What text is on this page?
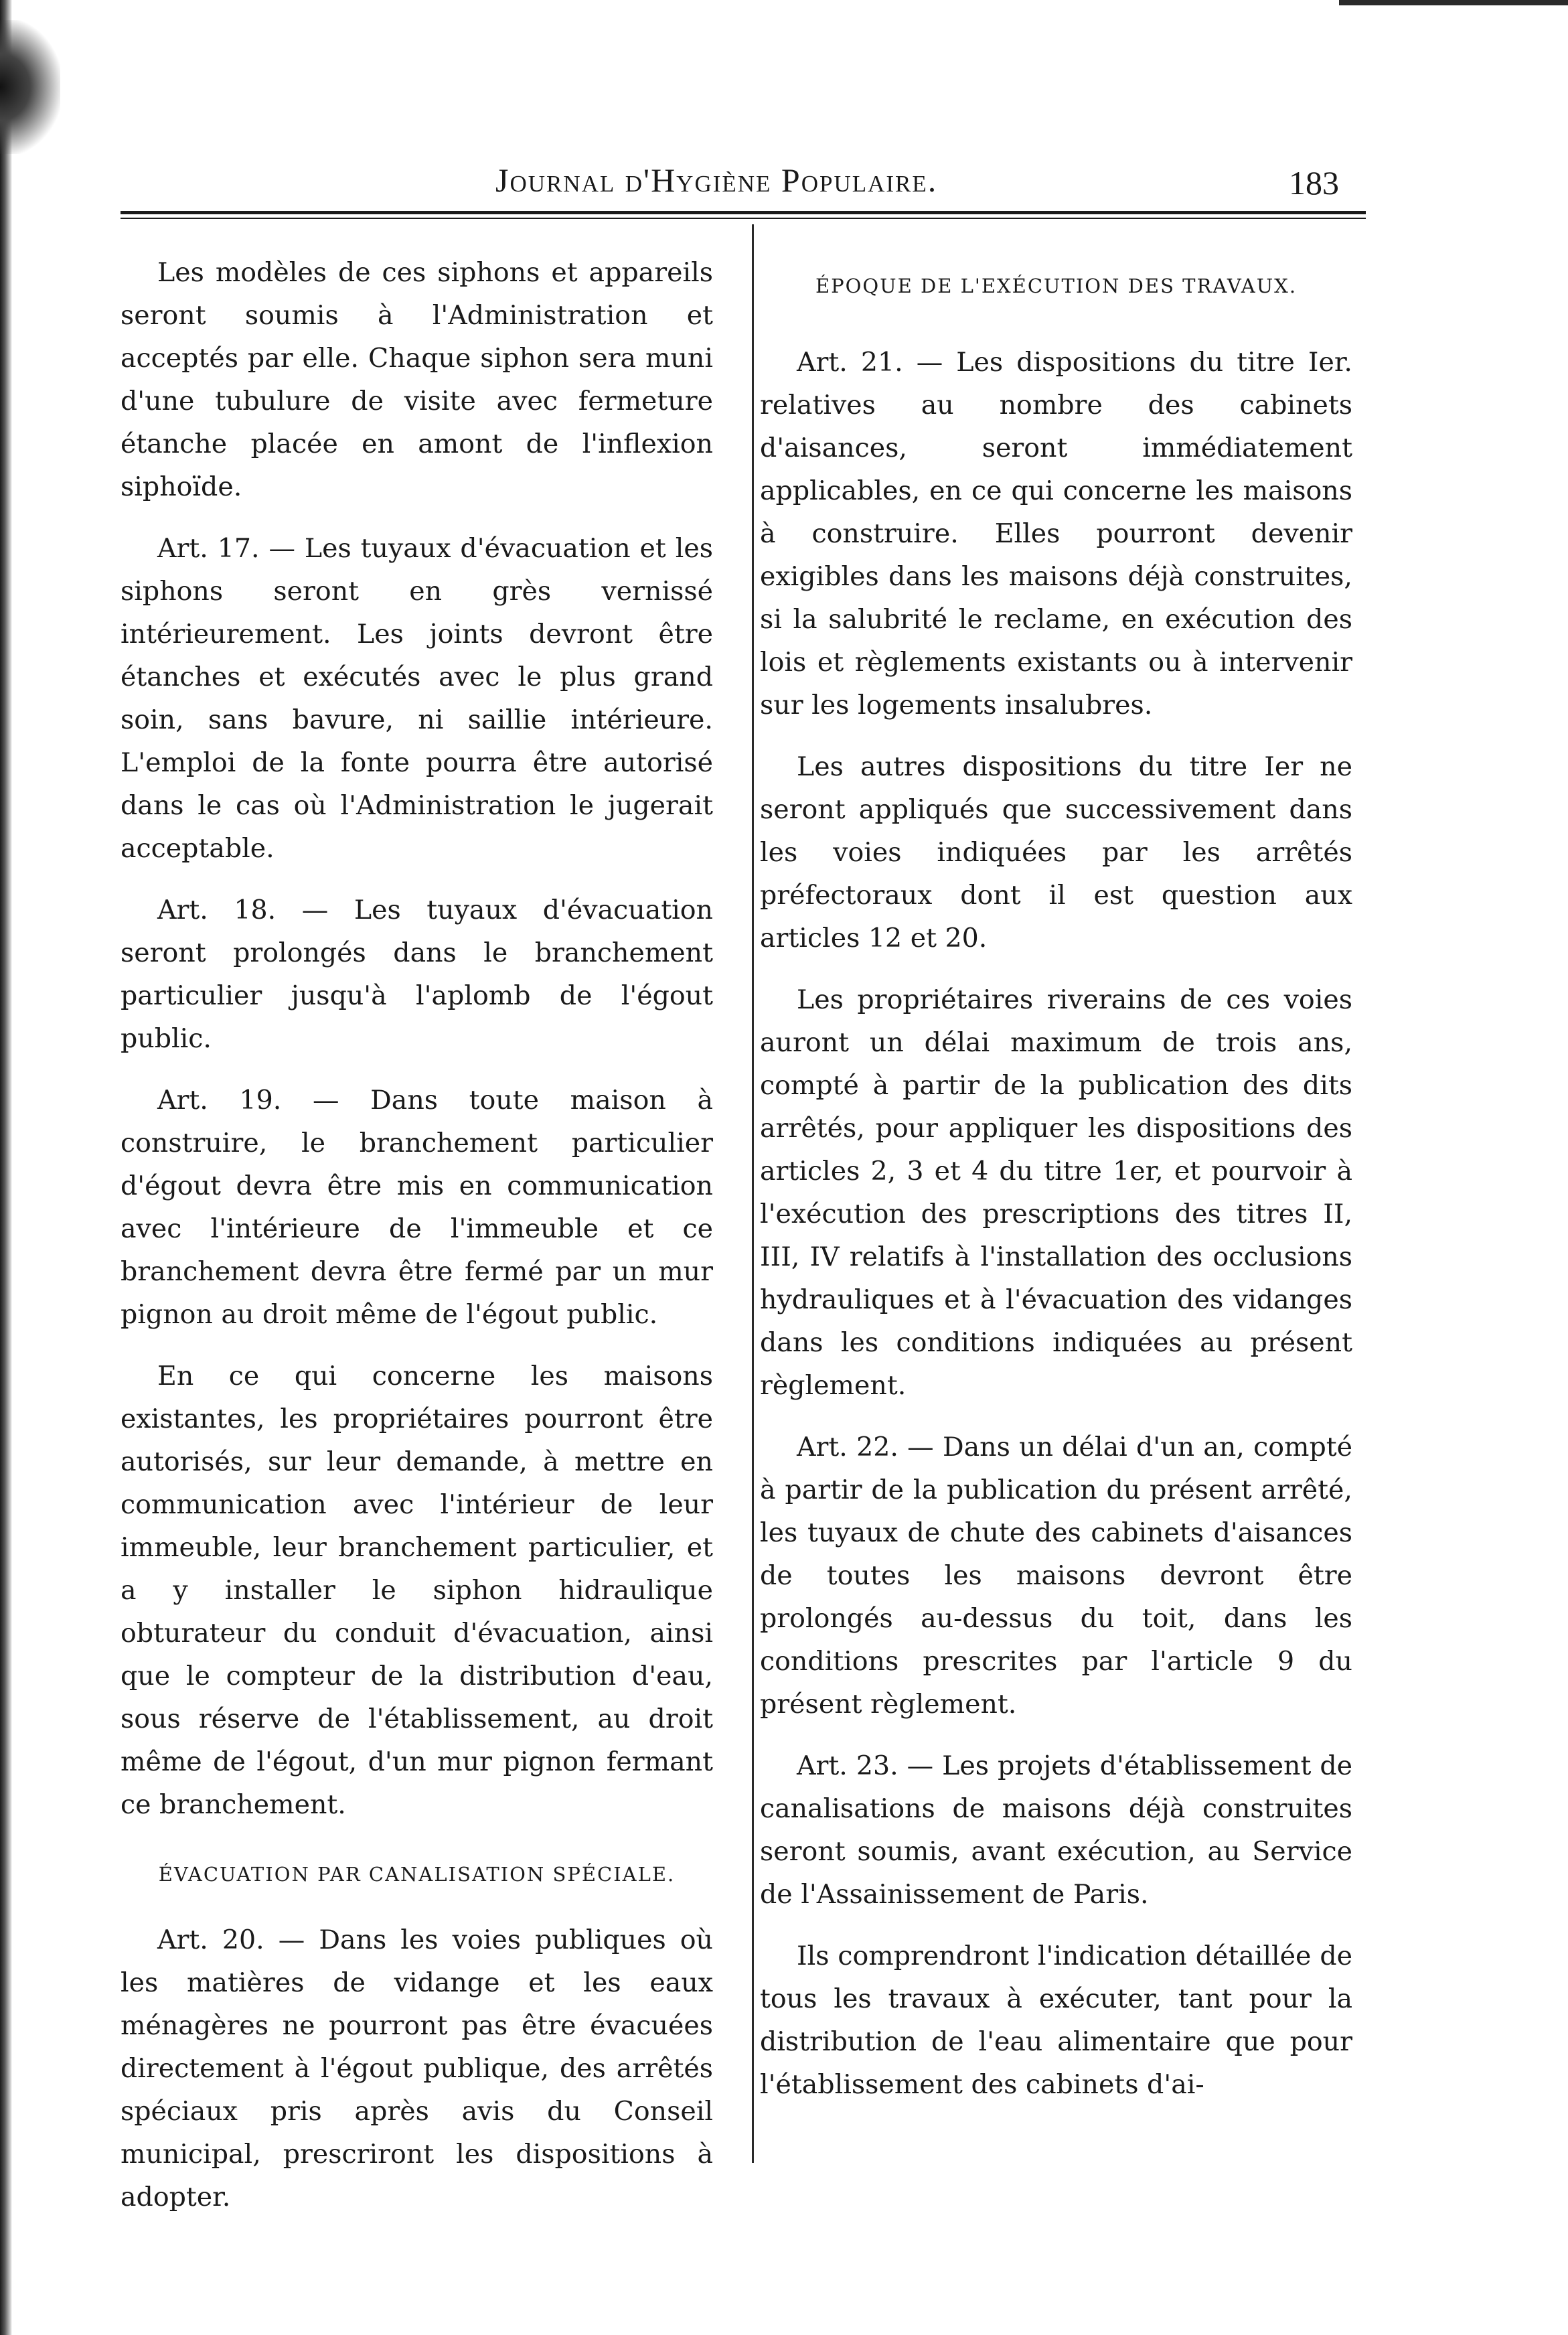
Journal d'Hygiène Populaire.	183

Les modèles de ces siphons et appareils seront soumis à l'Administration et acceptés par elle. Chaque siphon sera muni d'une tubulure de visite avec fermeture étanche placée en amont de l'inflexion siphoïde.

Art. 17. — Les tuyaux d'évacuation et les siphons seront en grès vernissé intérieurement. Les joints devront être étanches et exécutés avec le plus grand soin, sans bavure, ni saillie intérieure. L'emploi de la fonte pourra être autorisé dans le cas où l'Administration le jugerait acceptable.

Art. 18. — Les tuyaux d'évacuation seront prolongés dans le branchement particulier jusqu'à l'aplomb de l'égout public.

Art. 19. — Dans toute maison à construire, le branchement particulier d'égout devra être mis en communication avec l'intérieure de l'immeuble et ce branchement devra être fermé par un mur pignon au droit même de l'égout public.

En ce qui concerne les maisons existantes, les propriétaires pourront être autorisés, sur leur demande, à mettre en communication avec l'intérieur de leur immeuble, leur branchement particulier, et a y installer le siphon hidraulique obturateur du conduit d'évacuation, ainsi que le compteur de la distribution d'eau, sous réserve de l'établissement, au droit même de l'égout, d'un mur pignon fermant ce branchement.

ÉVACUATION PAR CANALISATION SPÉCIALE.

Art. 20. — Dans les voies publiques où les matières de vidange et les eaux ménagères ne pourront pas être évacuées directement à l'égout publique, des arrêtés spéciaux pris après avis du Conseil municipal, prescriront les dispositions à adopter.

ÉPOQUE DE L'EXÉCUTION DES TRAVAUX.

Art. 21. — Les dispositions du titre Ier. relatives au nombre des cabinets d'aisances, seront immédiatement applicables, en ce qui concerne les maisons à construire. Elles pourront devenir exigibles dans les maisons déjà construites, si la salubrité le reclame, en exécution des lois et règlements existants ou à intervenir sur les logements insalubres.

Les autres dispositions du titre Ier ne seront appliqués que successivement dans les voies indiquées par les arrêtés préfectoraux dont il est question aux articles 12 et 20.

Les propriétaires riverains de ces voies auront un délai maximum de trois ans, compté à partir de la publication des dits arrêtés, pour appliquer les dispositions des articles 2, 3 et 4 du titre 1er, et pourvoir à l'exécution des prescriptions des titres II, III, IV relatifs à l'installation des occlusions hydrauliques et à l'évacuation des vidanges dans les conditions indiquées au présent règlement.

Art. 22. — Dans un délai d'un an, compté à partir de la publication du présent arrêté, les tuyaux de chute des cabinets d'aisances de toutes les maisons devront être prolongés au-dessus du toit, dans les conditions prescrites par l'article 9 du présent règlement.

Art. 23. — Les projets d'établissement de canalisations de maisons déjà construites seront soumis, avant exécution, au Service de l'Assainissement de Paris.

Ils comprendront l'indication détaillée de tous les travaux à exécuter, tant pour la distribution de l'eau alimentaire que pour l'établissement des cabinets d'ai-
